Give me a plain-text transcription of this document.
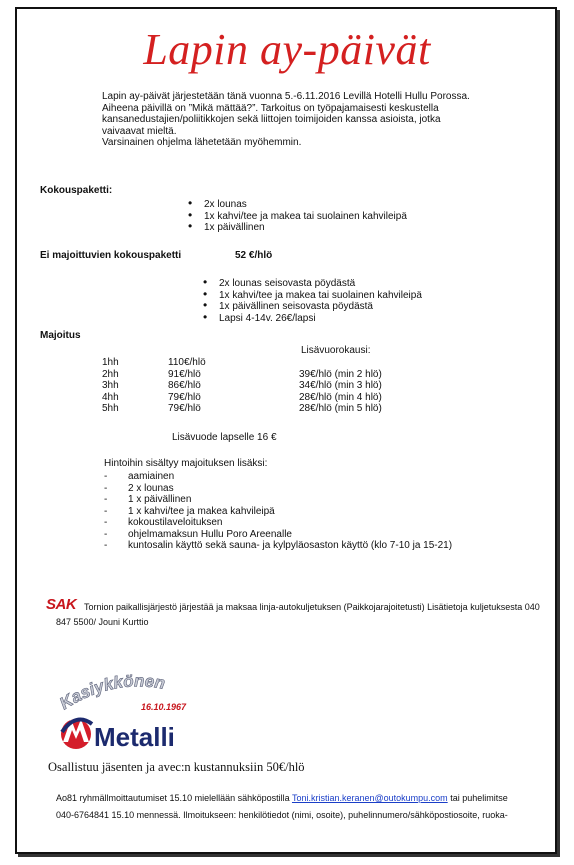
Lapin ay-päivät

Lapin ay-päivät järjestetään tänä vuonna 5.-6.11.2016 Levillä Hotelli Hullu Porossa.

Aiheena päivillä on ”Mikä mättää?”. Tarkoitus on työpajamaisesti keskustella kansanedustajien/poliitikkojen sekä liittojen toimijoiden kanssa asioista, jotka vaivaavat mieltä.

Varsinainen ohjelma lähetetään myöhemmin.

Kokouspaketti:
• 2x lounas
• 1x kahvi/tee ja makea tai suolainen kahvileipä
• 1x päivällinen
Ei majoittuvien kokouspaketti	52 €/hlö
• 2x lounas seisovasta pöydästä
• 1x kahvi/tee ja makea tai suolainen kahvileipä
• 1x päivällinen seisovasta pöydästä
• Lapsi 4-14v. 26€/lapsi
Majoitus
Lisävuorokausi:
1hh	110€/hlö
2hh	91€/hlö	39€/hlö (min 2 hlö)
3hh	86€/hlö	34€/hlö (min 3 hlö)
4hh	79€/hlö	28€/hlö (min 4 hlö)
5hh	79€/hlö	28€/hlö (min 5 hlö)
Lisävuode lapselle 16 €
Hintoihin sisältyy majoituksen lisäksi:
- aamiainen
- 2 x lounas
- 1 x päivällinen
- 1 x kahvi/tee ja makea kahvileipä
- kokoustilaveloituksen
- ohjelmamaksun Hullu Poro Areenalle
- kuntosalin käyttö sekä sauna- ja kylpyläosaston käyttö (klo 7-10 ja 15-21)
SAK Tornion paikallisjärjestö järjestää ja maksaa linja-autokuljetuksen (Paikkojarajoitetusti) Lisätietoja kuljetuksesta 040 847 5500/ Jouni Kurttio
Kasiykkönen
16.10.1967
Metalli
Osallistuu jäsenten ja avec:n kustannuksiin 50€/hlö
Ao81 ryhmällmoittautumiset 15.10 mielellään sähköpostilla Toni.kristian.keranen@outokumpu.com tai puhelimitse 040-6764841 15.10 mennessä. Ilmoitukseen: henkilötiedot (nimi, osoite), puhelinnumero/sähköpostiosoite, ruoka-
